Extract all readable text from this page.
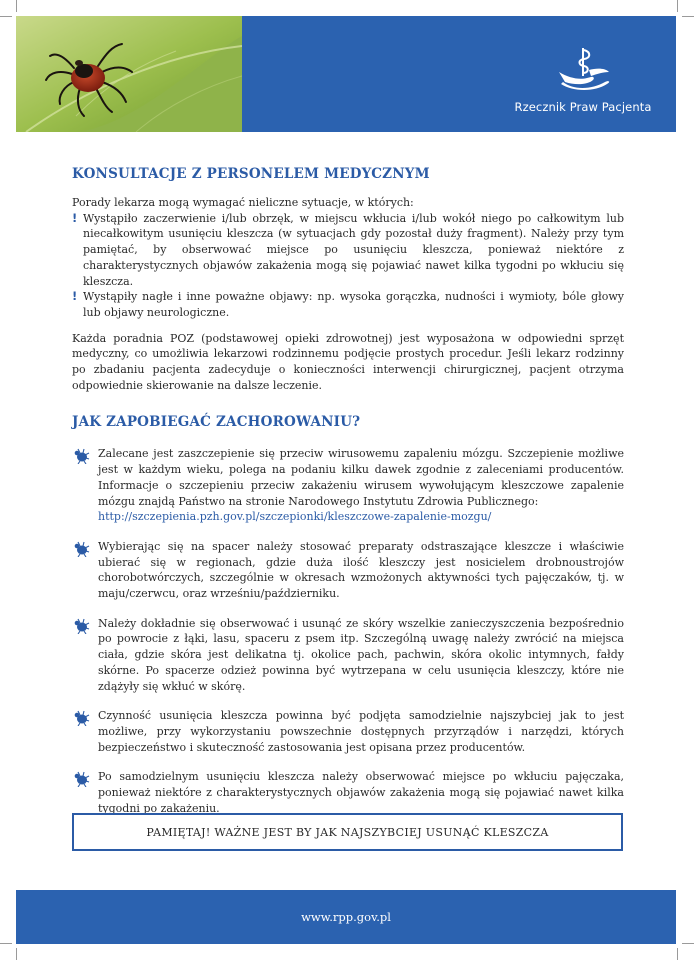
Rzecznik Praw Pacjenta
KONSULTACJE Z PERSONELEM MEDYCZNYM

Porady lekarza mogą wymagać nieliczne sytuacje, w których:

! Wystąpiło zaczerwienie i/lub obrzęk, w miejscu wkłucia i/lub wokół niego po całkowitym lub niecałkowitym usunięciu kleszcza (w sytuacjach gdy pozostał duży fragment). Należy przy tym pamiętać, by obserwować miejsce po usunięciu kleszcza, ponieważ niektóre z charakterystycznych objawów zakażenia mogą się pojawiać nawet kilka tygodni po wkłuciu się kleszcza.
! Wystąpiły nagłe i inne poważne objawy: np. wysoka gorączka, nudności i wymioty, bóle głowy lub objawy neurologiczne.

Każda poradnia POZ (podstawowej opieki zdrowotnej) jest wyposażona w odpowiedni sprzęt medyczny, co umożliwia lekarzowi rodzinnemu podjęcie prostych procedur. Jeśli lekarz rodzinny po zbadaniu pacjenta zadecyduje o konieczności interwencji chirurgicznej, pacjent otrzyma odpowiednie skierowanie na dalsze leczenie.

JAK ZAPOBIEGAĆ ZACHOROWANIU?
Zalecane jest zaszczepienie się przeciw wirusowemu zapaleniu mózgu. Szczepienie możliwe jest w każdym wieku, polega na podaniu kilku dawek zgodnie z zaleceniami producentów. Informacje o szczepieniu przeciw zakażeniu wirusem wywołującym kleszczowe zapalenie mózgu znajdą Państwo na stronie Narodowego Instytutu Zdrowia Publicznego:
http://szczepienia.pzh.gov.pl/szczepionki/kleszczowe-zapalenie-mozgu/
Wybierając się na spacer należy stosować preparaty odstraszające kleszcze i właściwie ubierać się w regionach, gdzie duża ilość kleszczy jest nosicielem drobnoustrojów chorobotwórczych, szczególnie w okresach wzmożonych aktywności tych pajęczaków, tj. w maju/czerwcu, oraz wrześniu/październiku.
Należy dokładnie się obserwować i usunąć ze skóry wszelkie zanieczyszczenia bezpośrednio po powrocie z łąki, lasu, spaceru z psem itp. Szczególną uwagę należy zwrócić na miejsca ciała, gdzie skóra jest delikatna tj. okolice pach, pachwin, skóra okolic intymnych, fałdy skórne. Po spacerze odzież powinna być wytrzepana w celu usunięcia kleszczy, które nie zdążyły się wkłuć w skórę.
Czynność usunięcia kleszcza powinna być podjęta samodzielnie najszybciej jak to jest możliwe, przy wykorzystaniu powszechnie dostępnych przyrządów i narzędzi, których bezpieczeństwo i skuteczność zastosowania jest opisana przez producentów.
Po samodzielnym usunięciu kleszcza należy obserwować miejsce po wkłuciu pajęczaka, ponieważ niektóre z charakterystycznych objawów zakażenia mogą się pojawiać nawet kilka tygodni po zakażeniu.
PAMIĘTAJ! WAŻNE JEST BY JAK NAJSZYBCIEJ USUNĄĆ KLESZCZA
www.rpp.gov.pl
